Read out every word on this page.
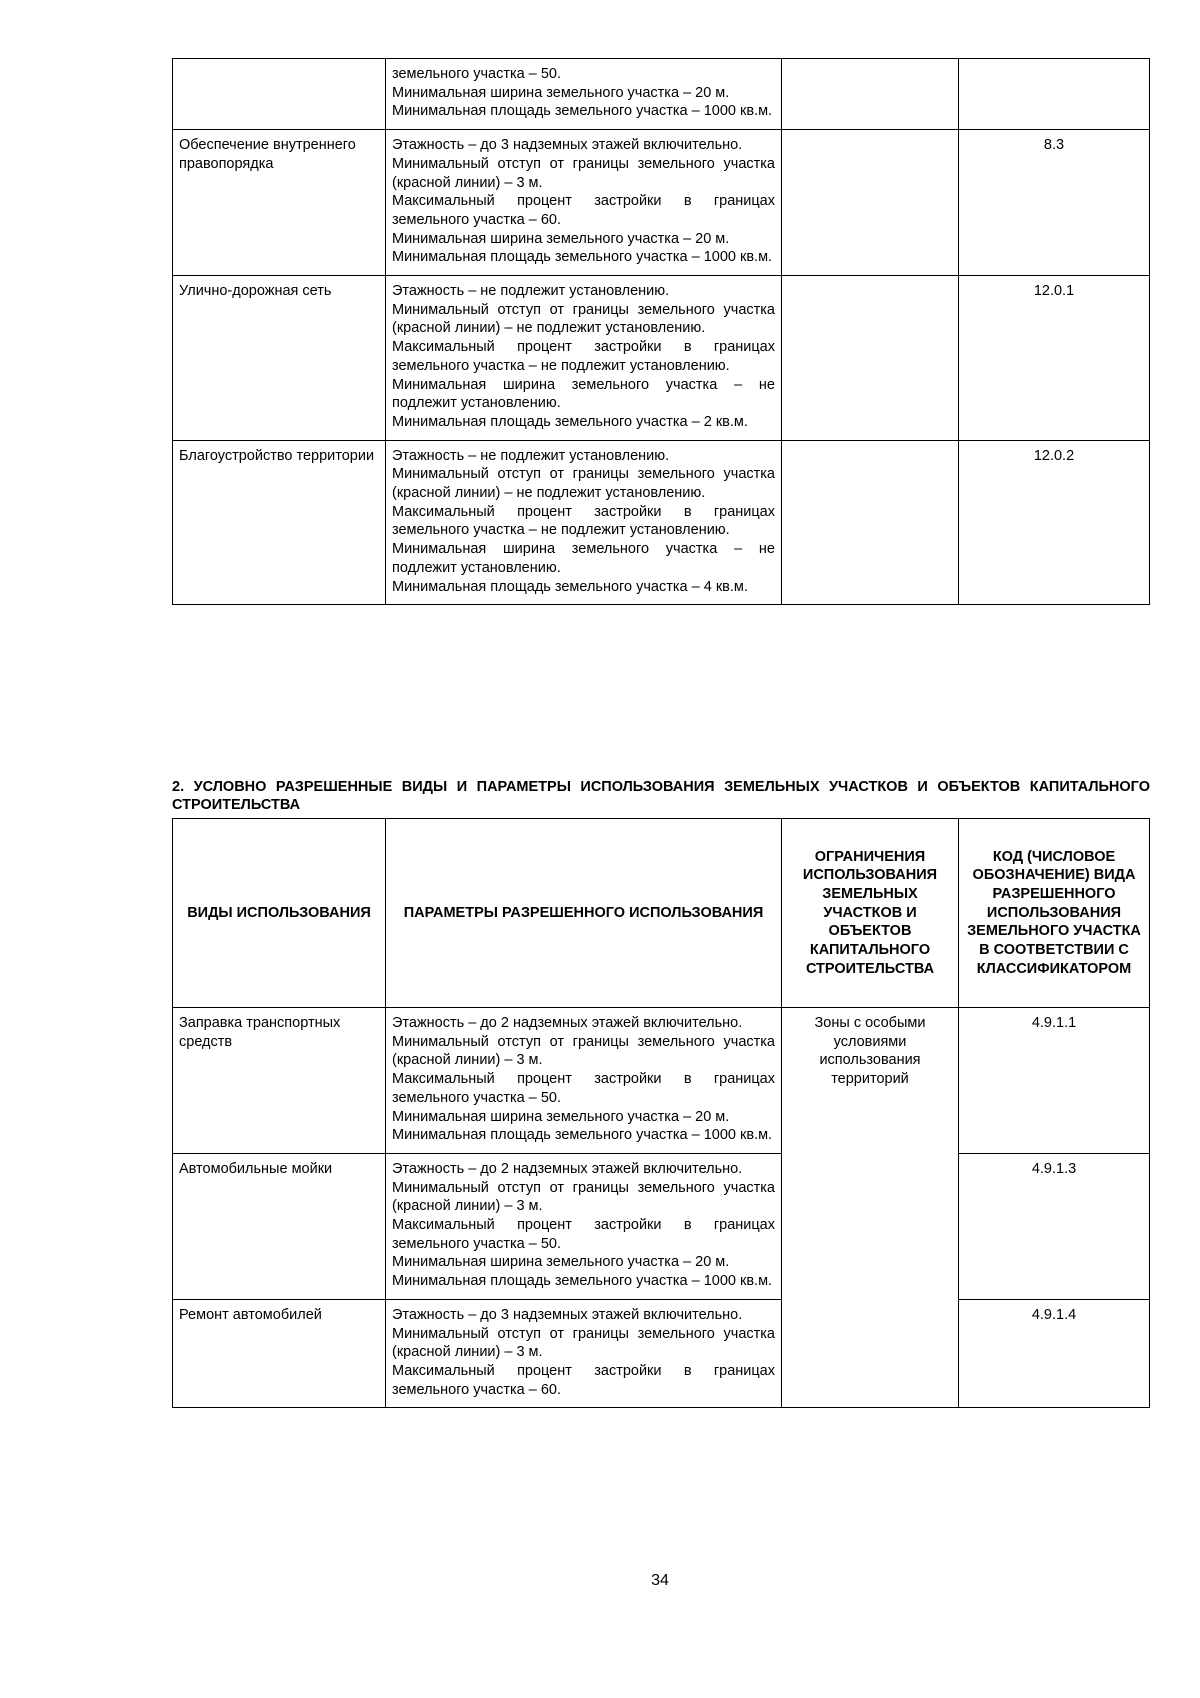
	земельного участка – 50.
Минимальная ширина земельного участка – 20 м.
Минимальная площадь земельного участка – 1000 кв.м.		

Обеспечение внутреннего правопорядка	Этажность – до 3 надземных этажей включительно.
Минимальный отступ от границы земельного участка (красной линии) – 3 м.
Максимальный процент застройки в границах земельного участка – 60.
Минимальная ширина земельного участка – 20 м.
Минимальная площадь земельного участка – 1000 кв.м.		8.3
Улично-дорожная сеть	Этажность – не подлежит установлению.
Минимальный отступ от границы земельного участка (красной линии) – не подлежит установлению.
Максимальный процент застройки в границах земельного участка – не подлежит установлению.
Минимальная ширина земельного участка – не подлежит установлению.
Минимальная площадь земельного участка – 2 кв.м.		12.0.1
Благоустройство территории	Этажность – не подлежит установлению.
Минимальный отступ от границы земельного участка (красной линии) – не подлежит установлению.
Максимальный процент застройки в границах земельного участка – не подлежит установлению.
Минимальная ширина земельного участка – не подлежит установлению.
Минимальная площадь земельного участка – 4 кв.м.		12.0.2
2. УСЛОВНО РАЗРЕШЕННЫЕ ВИДЫ И ПАРАМЕТРЫ ИСПОЛЬЗОВАНИЯ ЗЕМЕЛЬНЫХ УЧАСТКОВ И ОБЪЕКТОВ КАПИТАЛЬНОГО СТРОИТЕЛЬСТВА
ВИДЫ ИСПОЛЬЗОВАНИЯ	ПАРАМЕТРЫ РАЗРЕШЕННОГО ИСПОЛЬЗОВАНИЯ	ОГРАНИЧЕНИЯ ИСПОЛЬЗОВАНИЯ ЗЕМЕЛЬНЫХ УЧАСТКОВ И ОБЪЕКТОВ КАПИТАЛЬНОГО СТРОИТЕЛЬСТВА	КОД (ЧИСЛОВОЕ ОБОЗНАЧЕНИЕ) ВИДА РАЗРЕШЕННОГО ИСПОЛЬЗОВАНИЯ ЗЕМЕЛЬНОГО УЧАСТКА В СООТВЕТСТВИИ С КЛАССИФИКАТОРОМ
Заправка транспортных средств	Этажность – до 2 надземных этажей включительно.
Минимальный отступ от границы земельного участка (красной линии) – 3 м.
Максимальный процент застройки в границах земельного участка – 50.
Минимальная ширина земельного участка – 20 м.
Минимальная площадь земельного участка – 1000 кв.м.	Зоны с особыми условиями использования территорий	4.9.1.1
Автомобильные мойки	Этажность – до 2 надземных этажей включительно.
Минимальный отступ от границы земельного участка (красной линии) – 3 м.
Максимальный процент застройки в границах земельного участка – 50.
Минимальная ширина земельного участка – 20 м.
Минимальная площадь земельного участка – 1000 кв.м.		4.9.1.3
Ремонт автомобилей	Этажность – до 3 надземных этажей включительно.
Минимальный отступ от границы земельного участка (красной линии) – 3 м.
Максимальный процент застройки в границах земельного участка – 60.		4.9.1.4
34
